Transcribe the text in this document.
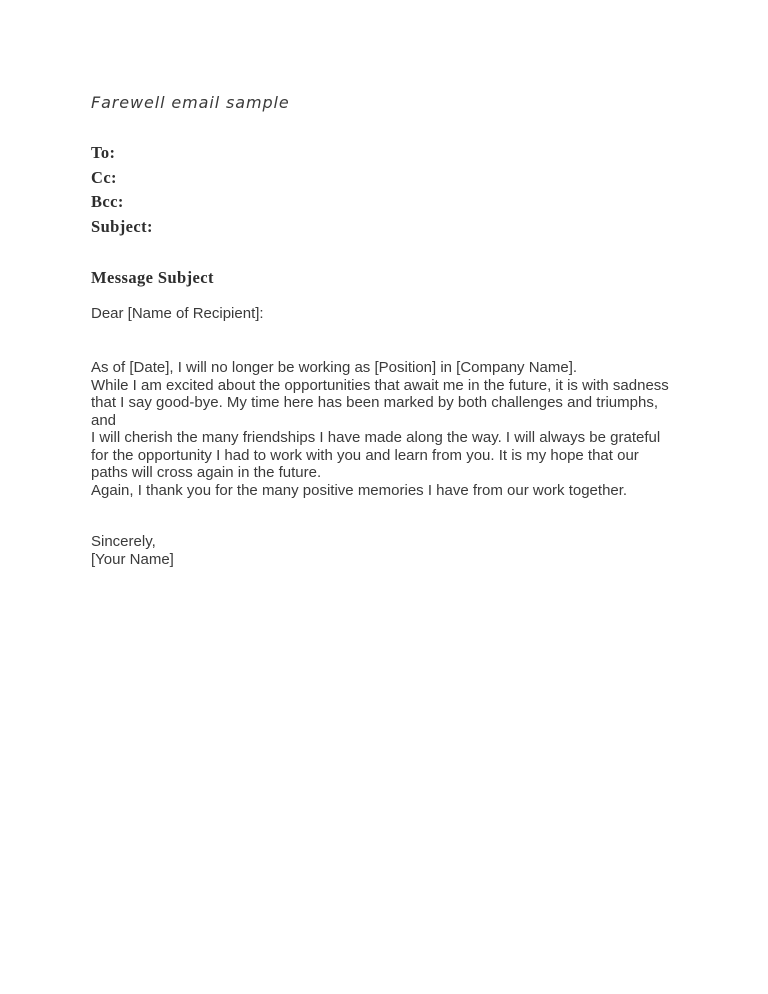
Farewell email sample
To:
Cc:
Bcc:
Subject:
Message Subject
Dear [Name of Recipient]:
As of [Date], I will no longer be working as [Position] in [Company Name].
While I am excited about the opportunities that await me in the future, it is with sadness
that I say good-bye. My time here has been marked by both challenges and triumphs,
and
I will cherish the many friendships I have made along the way. I will always be grateful
for the opportunity I had to work with you and learn from you. It is my hope that our
paths will cross again in the future.
Again, I thank you for the many positive memories I have from our work together.
Sincerely,
[Your Name]
